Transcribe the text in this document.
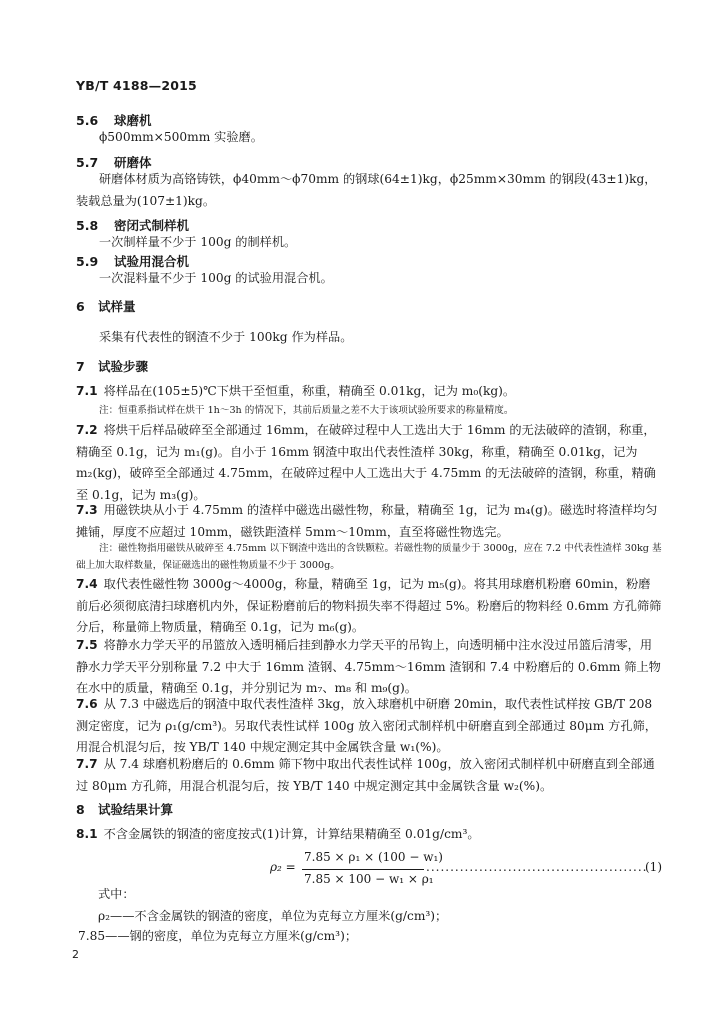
YB/T 4188—2015
5.6 球磨机
ϕ500mm×500mm 实验磨。
5.7 研磨体
研磨体材质为高铬铸铁，ϕ40mm～ϕ70mm 的钢球(64±1)kg，ϕ25mm×30mm 的钢段(43±1)kg，装载总量为(107±1)kg。
5.8 密闭式制样机
一次制样量不少于 100g 的制样机。
5.9 试验用混合机
一次混料量不少于 100g 的试验用混合机。
6 试样量
采集有代表性的钢渣不少于 100kg 作为样品。
7 试验步骤
7.1 将样品在(105±5)℃下烘干至恒重，称重，精确至 0.01kg，记为 m₀(kg)。
注：恒重系指试样在烘干 1h～3h 的情况下，其前后质量之差不大于该项试验所要求的称量精度。
7.2 将烘干后样品破碎至全部通过 16mm，在破碎过程中人工选出大于 16mm 的无法破碎的渣钢，称重，精确至 0.1g，记为 m₁(g)。自小于 16mm 钢渣中取出代表性渣样 30kg，称重，精确至 0.01kg，记为 m₂(kg)，破碎至全部通过 4.75mm，在破碎过程中人工选出大于 4.75mm 的无法破碎的渣钢，称重，精确至 0.1g，记为 m₃(g)。
7.3 用磁铁块从小于 4.75mm 的渣样中磁选出磁性物，称量，精确至 1g，记为 m₄(g)。磁选时将渣样均匀摊铺，厚度不应超过 10mm，磁铁距渣样 5mm～10mm，直至将磁性物选完。
注：磁性物指用磁铁从破碎至 4.75mm 以下钢渣中选出的含铁颗粒。若磁性物的质量少于 3000g，应在 7.2 中代表性渣样 30kg 基础上加大取样数量，保证磁选出的磁性物质量不少于 3000g。
7.4 取代表性磁性物 3000g～4000g，称量，精确至 1g，记为 m₅(g)。将其用球磨机粉磨 60min，粉磨前后必须彻底清扫球磨机内外，保证粉磨前后的物料损失率不得超过 5%。粉磨后的物料经 0.6mm 方孔筛筛分后，称量筛上物质量，精确至 0.1g，记为 m₆(g)。
7.5 将静水力学天平的吊篮放入透明桶后挂到静水力学天平的吊钩上，向透明桶中注水没过吊篮后清零，用静水力学天平分别称量 7.2 中大于 16mm 渣钢、4.75mm～16mm 渣钢和 7.4 中粉磨后的 0.6mm 筛上物在水中的质量，精确至 0.1g，并分别记为 m₇、m₈ 和 m₉(g)。
7.6 从 7.3 中磁选后的钢渣中取代表性渣样 3kg，放入球磨机中研磨 20min，取代表性试样按 GB/T 208 测定密度，记为 ρ₁(g/cm³)。另取代表性试样 100g 放入密闭式制样机中研磨直到全部通过 80μm 方孔筛，用混合机混匀后，按 YB/T 140 中规定测定其中金属铁含量 w₁(%)。
7.7 从 7.4 球磨机粉磨后的 0.6mm 筛下物中取出代表性试样 100g，放入密闭式制样机中研磨直到全部通过 80μm 方孔筛，用混合机混匀后，按 YB/T 140 中规定测定其中金属铁含量 w₂(%)。
8 试验结果计算
8.1 不含金属铁的钢渣的密度按式(1)计算，计算结果精确至 0.01g/cm³。
ρ₂ =
7.85 × ρ₁ × (100 − w₁)
7.85 × 100 − w₁ × ρ₁
..............................................
(1)
式中：
ρ₂——不含金属铁的钢渣的密度，单位为克每立方厘米(g/cm³)；
7.85——钢的密度，单位为克每立方厘米(g/cm³)；
2
